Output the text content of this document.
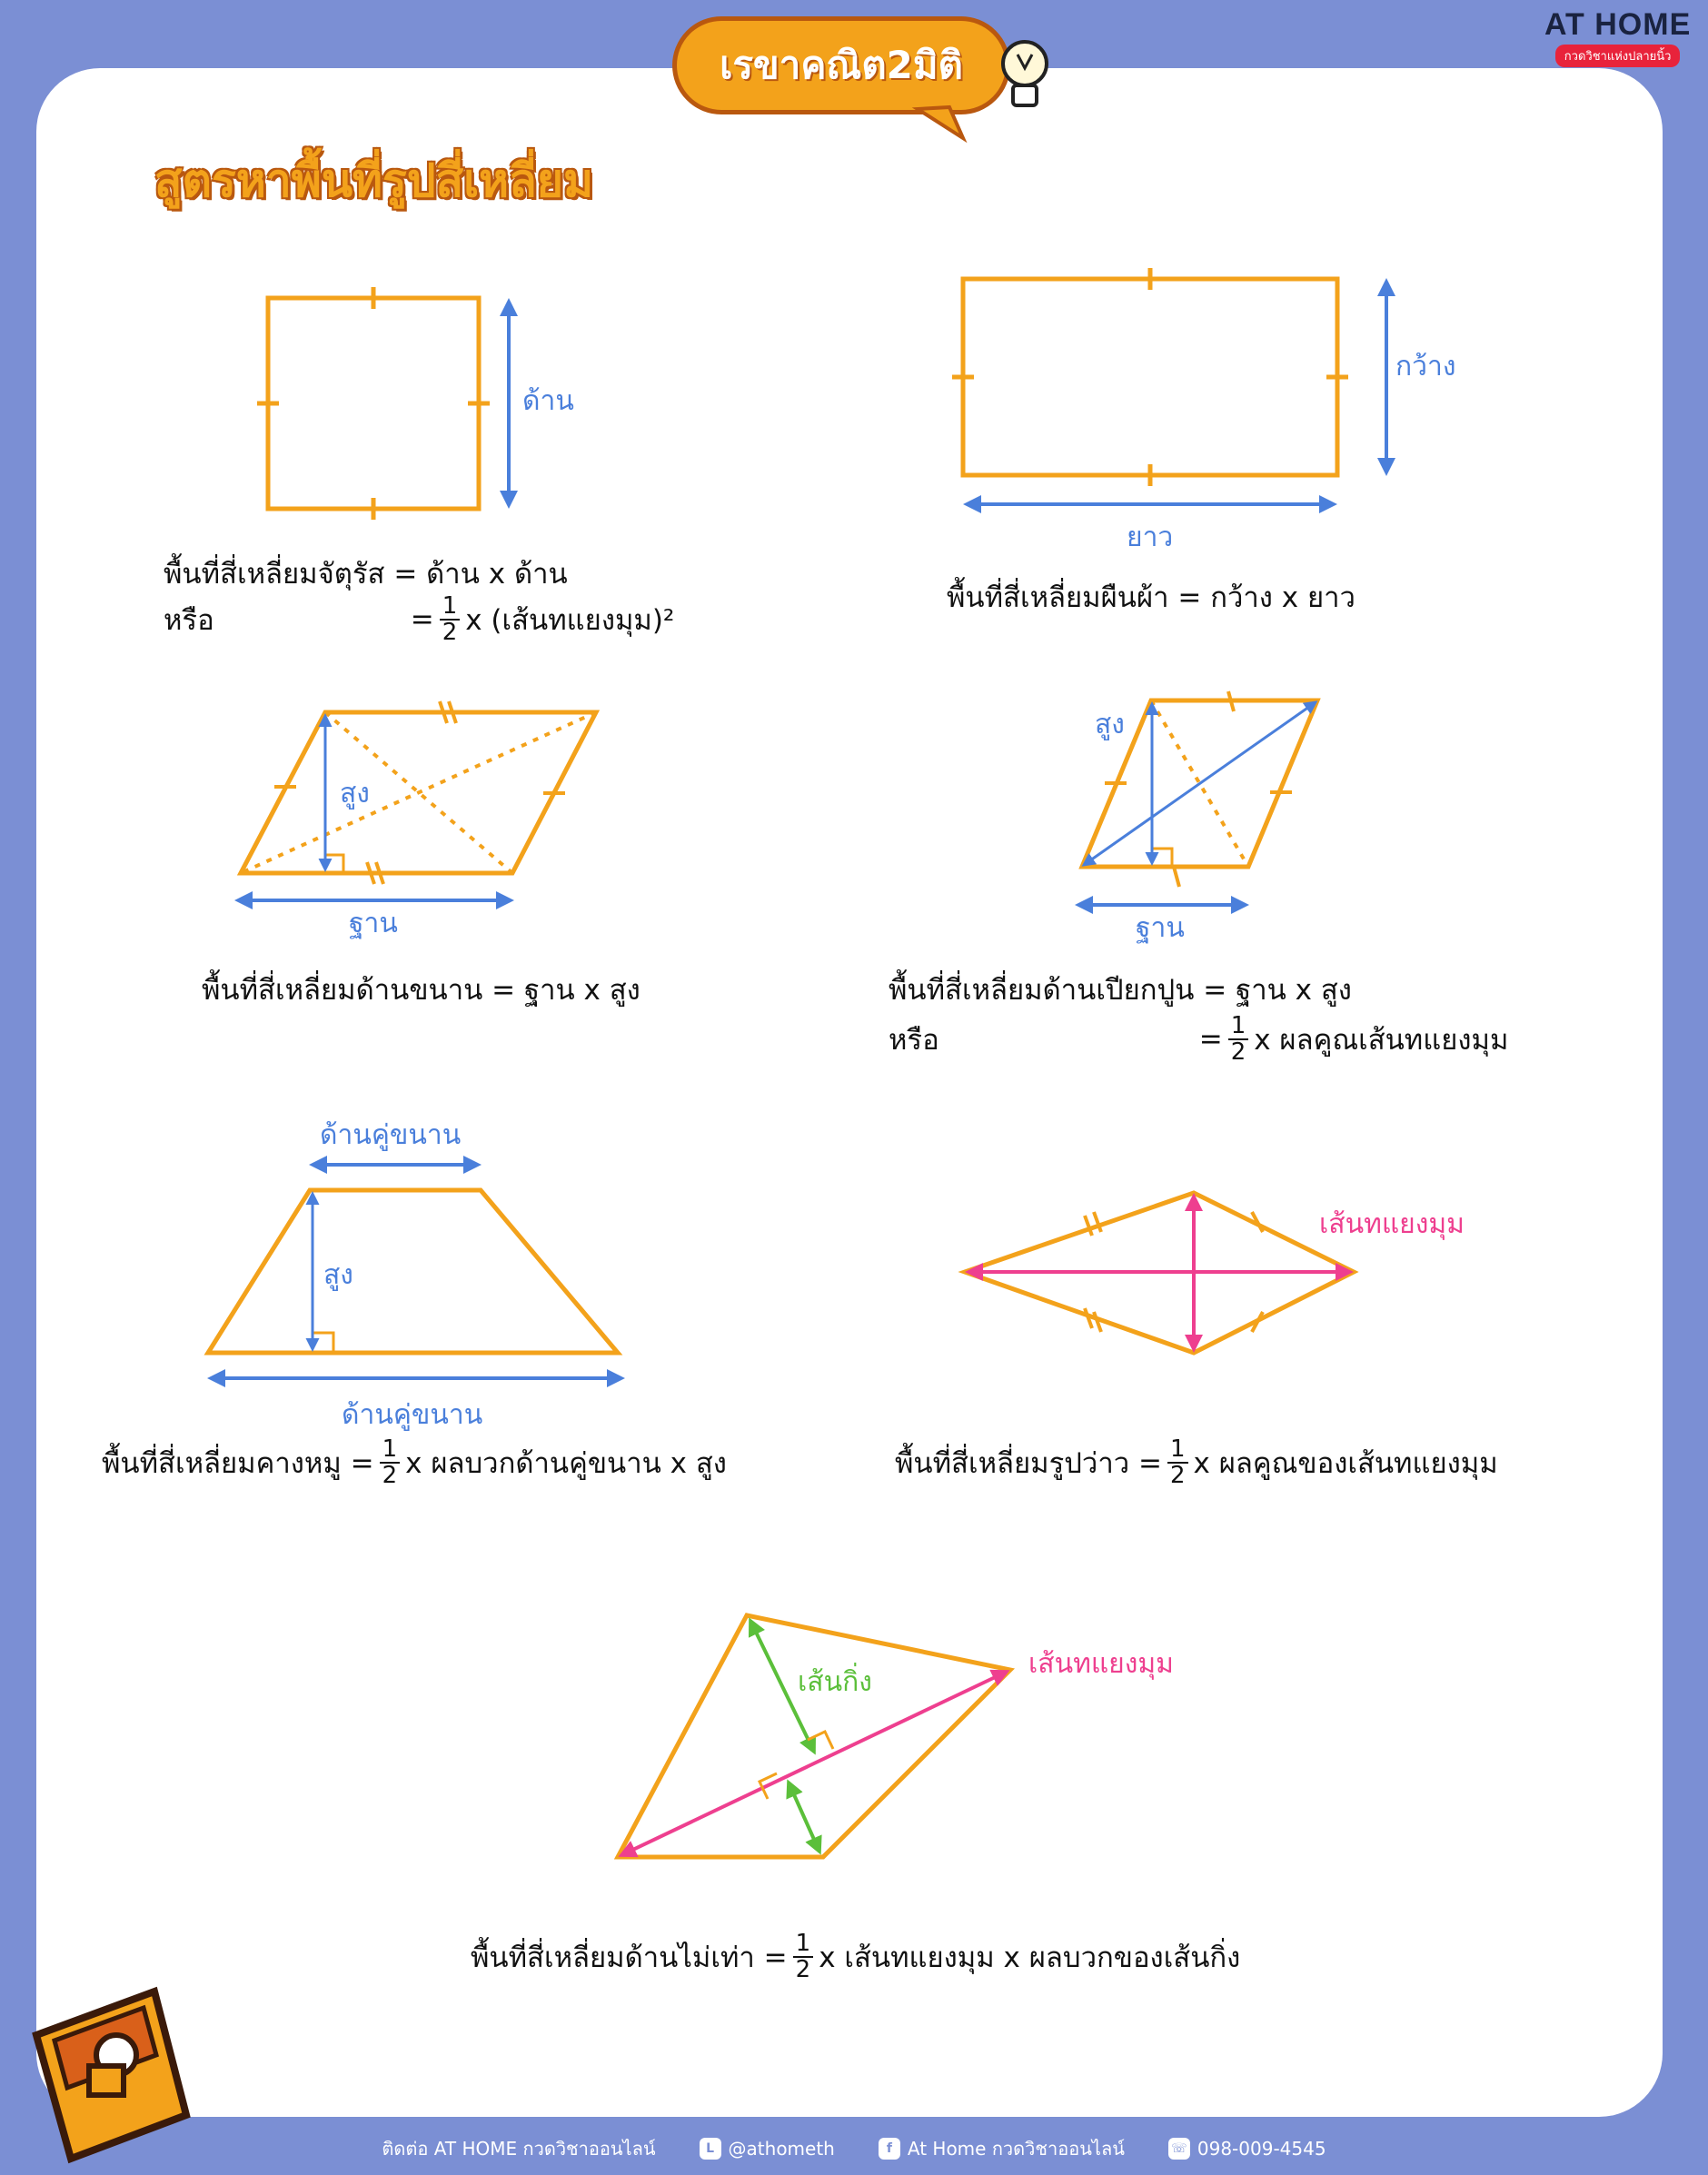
เรขาคณิต2มิติ
AT HOME
กวดวิชาแห่งปลายนิ้ว
สูตรหาพื้นที่รูปสี่เหลี่ยม
ด้าน
พื้นที่สี่เหลี่ยมจัตุรัส = ด้าน x ด้าน
หรือ	= $\frac{1}{2}$ x (เส้นทแยงมุม)²
กว้าง
ยาว
พื้นที่สี่เหลี่ยมผืนผ้า = กว้าง x ยาว
สูง
ฐาน
พื้นที่สี่เหลี่ยมด้านขนาน = ฐาน x สูง
สูง
ฐาน
พื้นที่สี่เหลี่ยมด้านเปียกปูน = ฐาน x สูง
หรือ	= $\frac{1}{2}$ x ผลคูณเส้นทแยงมุม
ด้านคู่ขนาน
สูง
ด้านคู่ขนาน
พื้นที่สี่เหลี่ยมคางหมู = $\frac{1}{2}$ x ผลบวกด้านคู่ขนาน x สูง
เส้นทแยงมุม
พื้นที่สี่เหลี่ยมรูปว่าว = $\frac{1}{2}$ x ผลคูณของเส้นทแยงมุม
เส้นกิ่ง
เส้นทแยงมุม
พื้นที่สี่เหลี่ยมด้านไม่เท่า = $\frac{1}{2}$ x เส้นทแยงมุม x ผลบวกของเส้นกิ่ง
ติดต่อ AT HOME กวดวิชาออนไลน์	L @athometh	f At Home กวดวิชาออนไลน์	☏ 098-009-4545
